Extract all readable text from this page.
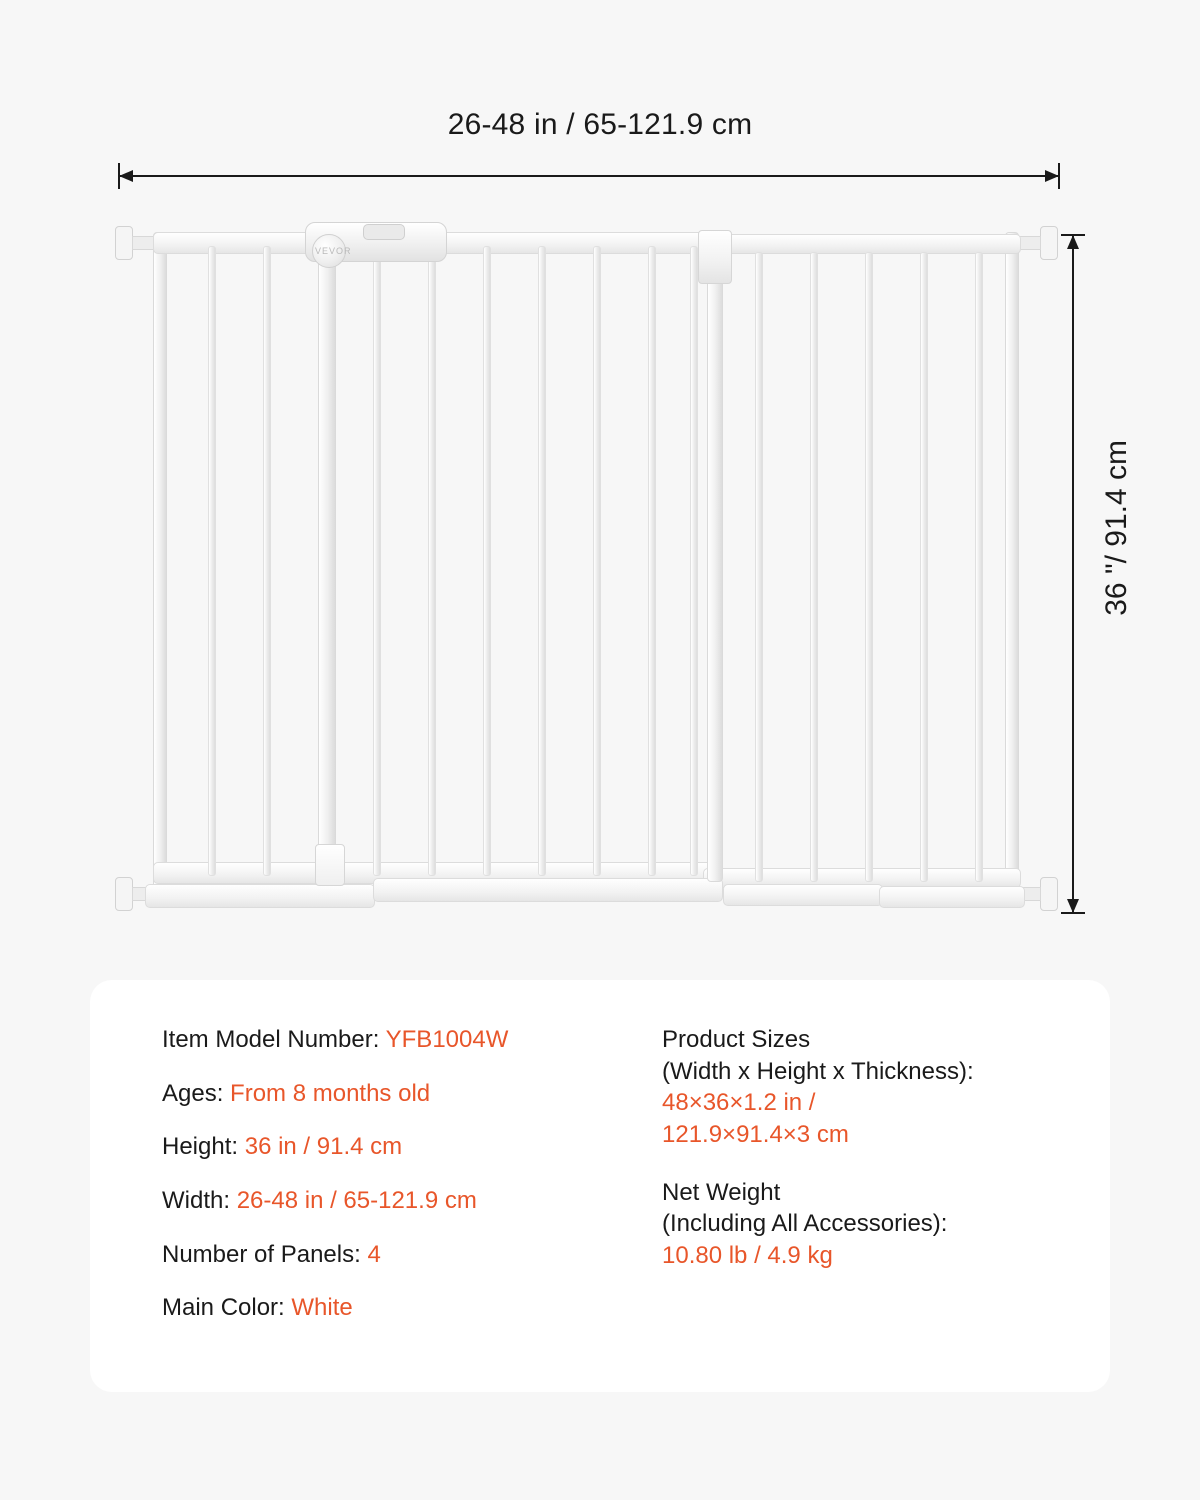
26-48 in / 65-121.9 cm
36 "/ 91.4 cm
VEVOR
Item Model Number: YFB1004W
Ages: From 8 months old
Height: 36 in / 91.4 cm
Width: 26-48 in / 65-121.9 cm
Number of Panels: 4
Main Color: White
Product Sizes
(Width x Height x Thickness):
48×36×1.2 in /
121.9×91.4×3 cm
Net Weight
(Including All Accessories):
10.80 lb / 4.9 kg
